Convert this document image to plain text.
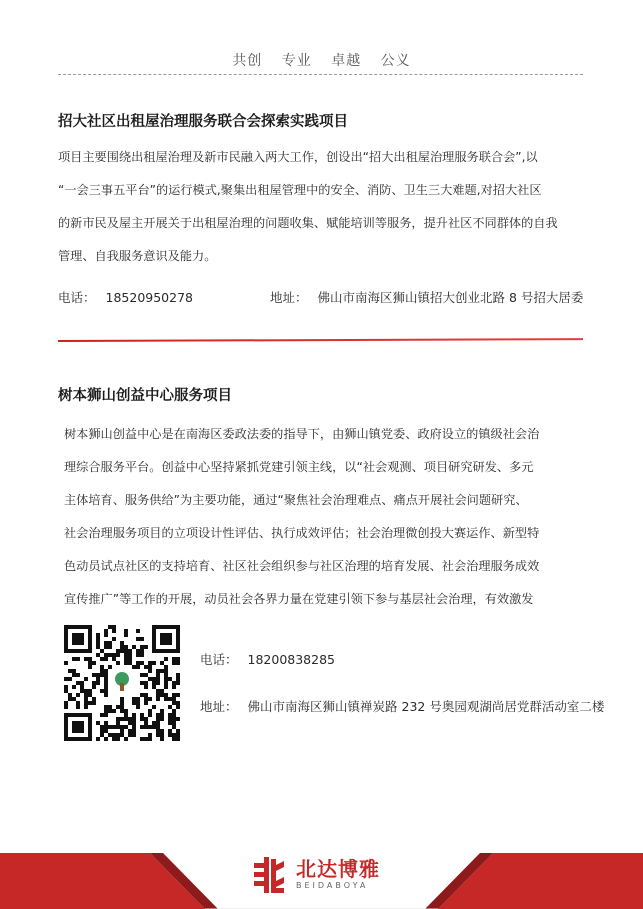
共创 专业 卓越 公义
招大社区出租屋治理服务联合会探索实践项目
项目主要围绕出租屋治理及新市民融入两大工作，创设出“招大出租屋治理服务联合会”,以
“一会三事五平台”的运行模式,聚集出租屋管理中的安全、消防、卫生三大难题,对招大社区
的新市民及屋主开展关于出租屋治理的问题收集、赋能培训等服务，提升社区不同群体的自我
管理、自我服务意识及能力。
电话： 18520950278	地址： 佛山市南海区狮山镇招大创业北路 8 号招大居委
树本狮山创益中心服务项目
树本狮山创益中心是在南海区委政法委的指导下，由狮山镇党委、政府设立的镇级社会治
理综合服务平台。创益中心坚持紧抓党建引领主线，以“社会观测、项目研究研发、多元
主体培育、服务供给”为主要功能，通过“聚焦社会治理难点、痛点开展社会问题研究、
社会治理服务项目的立项设计性评估、执行成效评估；社会治理微创投大赛运作、新型特
色动员试点社区的支持培育、社区社会组织参与社区治理的培育发展、社会治理服务成效
宣传推广”等工作的开展，动员社会各界力量在党建引领下参与基层社会治理，有效激发
电话： 18200838285
地址： 佛山市南海区狮山镇禅炭路 232 号奥园观湖尚居党群活动室二楼
北达博雅
BEIDABOYA
